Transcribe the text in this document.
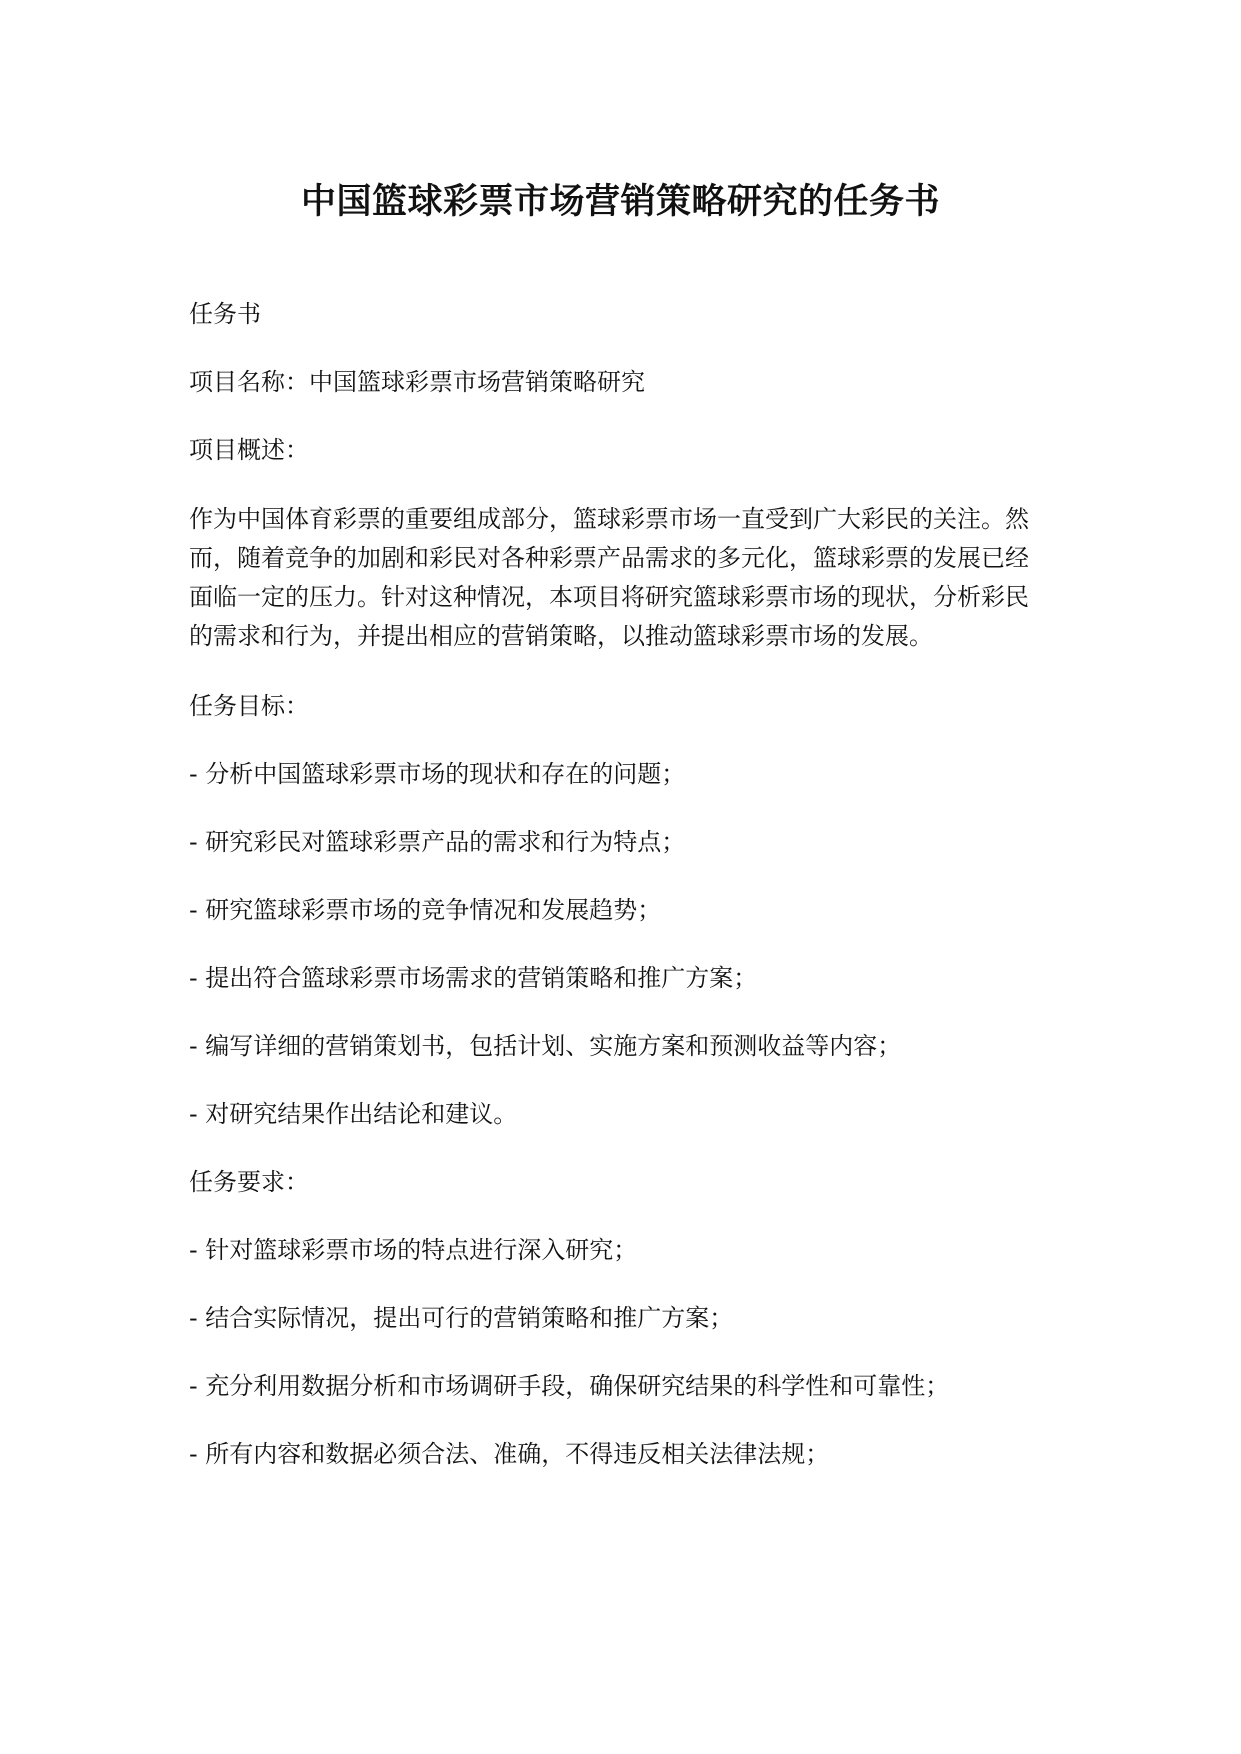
中国篮球彩票市场营销策略研究的任务书

任务书

项目名称：中国篮球彩票市场营销策略研究

项目概述：

作为中国体育彩票的重要组成部分，篮球彩票市场一直受到广大彩民的关注。然而，随着竞争的加剧和彩民对各种彩票产品需求的多元化，篮球彩票的发展已经面临一定的压力。针对这种情况，本项目将研究篮球彩票市场的现状，分析彩民的需求和行为，并提出相应的营销策略，以推动篮球彩票市场的发展。

任务目标：

- 分析中国篮球彩票市场的现状和存在的问题；

- 研究彩民对篮球彩票产品的需求和行为特点；

- 研究篮球彩票市场的竞争情况和发展趋势；

- 提出符合篮球彩票市场需求的营销策略和推广方案；

- 编写详细的营销策划书，包括计划、实施方案和预测收益等内容；

- 对研究结果作出结论和建议。

任务要求：

- 针对篮球彩票市场的特点进行深入研究；

- 结合实际情况，提出可行的营销策略和推广方案；

- 充分利用数据分析和市场调研手段，确保研究结果的科学性和可靠性；

- 所有内容和数据必须合法、准确，不得违反相关法律法规；
